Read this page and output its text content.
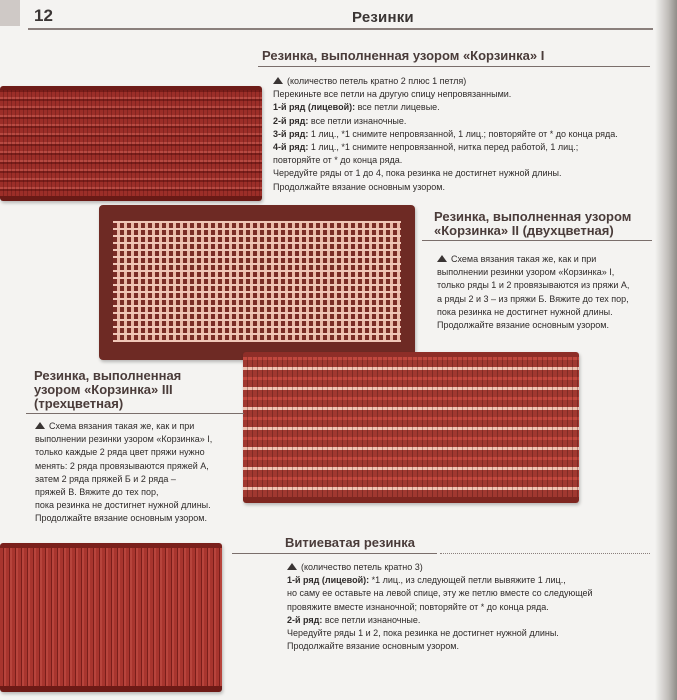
12	Резинки
Резинка, выполненная узором «Корзинка» I

(количество петель кратно 2 плюс 1 петля)

Перекиньте все петли на другую спицу непровязанными.

1-й ряд (лицевой): все петли лицевые.

2-й ряд: все петли изнаночные.

3-й ряд: 1 лиц., *1 снимите непровязанной, 1 лиц.; повторяйте от * до конца ряда.

4-й ряд: 1 лиц., *1 снимите непровязанной, нитка перед работой, 1 лиц.;

повторяйте от * до конца ряда.

Чередуйте ряды от 1 до 4, пока резинка не достигнет нужной длины.

Продолжайте вязание основным узором.

Резинка, выполненная узором
«Корзинка» II (двухцветная)

Схема вязания такая же, как и при

выполнении резинки узором «Корзинка» I,

только ряды 1 и 2 провязываются из пряжи А,

а ряды 2 и 3 – из пряжи Б. Вяжите до тех пор,

пока резинка не достигнет нужной длины.

Продолжайте вязание основным узором.

Резинка, выполненная
узором «Корзинка» III
(трехцветная)

Схема вязания такая же, как и при

выполнении резинки узором «Корзинка» I,

только каждые 2 ряда цвет пряжи нужно

менять: 2 ряда провязываются пряжей А,

затем 2 ряда пряжей Б и 2 ряда –

пряжей В. Вяжите до тех пор,

пока резинка не достигнет нужной длины.

Продолжайте вязание основным узором.

Витиеватая резинка

(количество петель кратно 3)

1-й ряд (лицевой): *1 лиц., из следующей петли вывяжите 1 лиц.,

но саму ее оставьте на левой спице, эту же петлю вместе со следующей

провяжите вместе изнаночной; повторяйте от * до конца ряда.

2-й ряд: все петли изнаночные.

Чередуйте ряды 1 и 2, пока резинка не достигнет нужной длины.

Продолжайте вязание основным узором.
